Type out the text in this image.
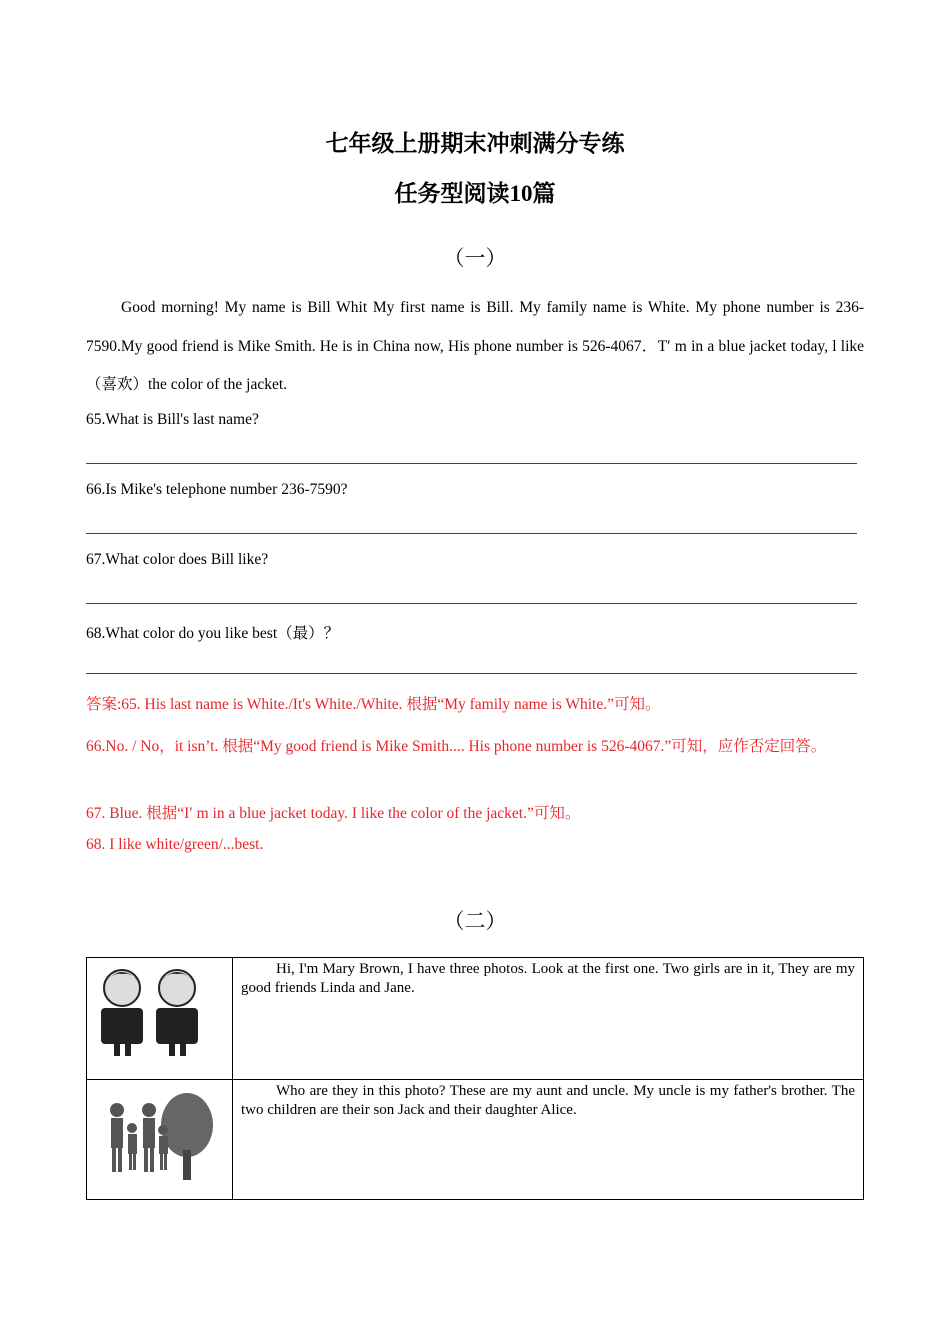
七年级上册期末冲刺满分专练
任务型阅读10篇
（一）
Good morning! My name is Bill Whit My first name is Bill. My family name is White. My phone number is 236-7590.My good friend is Mike Smith. He is in China now, His phone number is 526-4067．T′ m in a blue jacket today, l like（喜欢）the color of the jacket.
65.What is Bill's last name?
66.Is Mike's telephone number 236-7590?
67.What color does Bill like?
68.What color do you like best（最）？
答案:65. His last name is White./It's White./White. 根据“My family name is White.”可知。
66.No. / No，it isn’t. 根据“My good friend is Mike Smith.... His phone number is 526-4067.”可知，应作否定回答。
67. Blue. 根据“I′ m in a blue jacket today. I like the color of the jacket.”可知。
68. I like white/green/...best.
（二）
	Hi, I'm Mary Brown, I have three photos. Look at the first one. Two girls are in it, They are my good friends Linda and Jane.
	Who are they in this photo? These are my aunt and uncle. My uncle is my father's brother. The two children are their son Jack and their daughter Alice.
